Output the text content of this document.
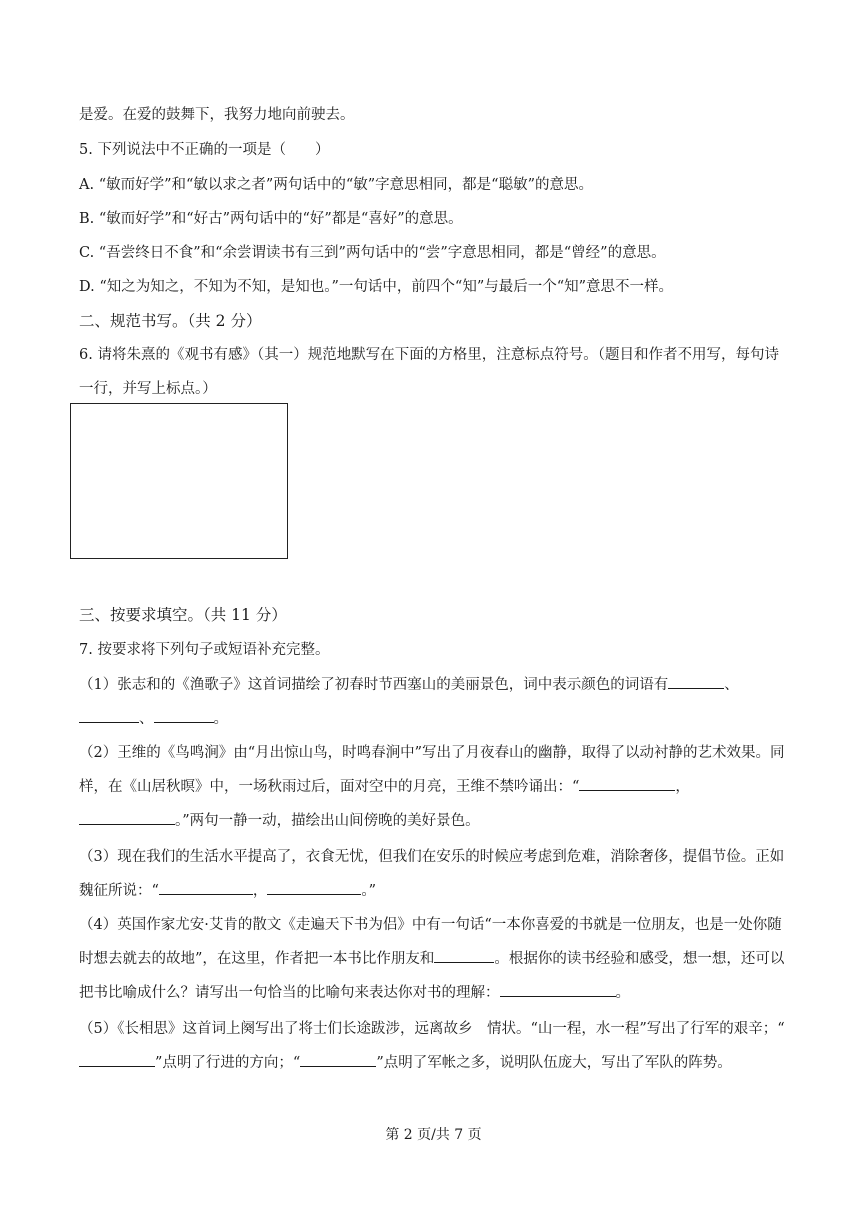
是爱。在爱的鼓舞下，我努力地向前驶去。
5. 下列说法中不正确的一项是（　　）
A. “敏而好学”和“敏以求之者”两句话中的“敏”字意思相同，都是“聪敏”的意思。
B. “敏而好学”和“好古”两句话中的“好”都是“喜好”的意思。
C. “吾尝终日不食”和“余尝谓读书有三到”两句话中的“尝”字意思相同，都是“曾经”的意思。
D. “知之为知之，不知为不知，是知也。”一句话中，前四个“知”与最后一个“知”意思不一样。
二、规范书写。（共 2 分）
6. 请将朱熹的《观书有感》（其一）规范地默写在下面的方格里，注意标点符号。（题目和作者不用写，每句诗一行，并写上标点。）
三、按要求填空。（共 11 分）
7. 按要求将下列句子或短语补充完整。
（1）张志和的《渔歌子》这首词描绘了初春时节西塞山的美丽景色，词中表示颜色的词语有	、
、	。
（2）王维的《鸟鸣涧》由“月出惊山鸟，时鸣春涧中”写出了月夜春山的幽静，取得了以动衬静的艺术效果。同样，在《山居秋暝》中，一场秋雨过后，面对空中的月亮，王维不禁吟诵出：“	，
。”两句一静一动，描绘出山间傍晚的美好景色。
（3）现在我们的生活水平提高了，衣食无忧，但我们在安乐的时候应考虑到危难，消除奢侈，提倡节俭。正如魏征所说：“	，	。”
（4）英国作家尤安·艾肯的散文《走遍天下书为侣》中有一句话“一本你喜爱的书就是一位朋友，也是一处你随时想去就去的故地”，在这里，作者把一本书比作朋友和	。根据你的读书经验和感受，想一想，还可以把书比喻成什么？请写出一句恰当的比喻句来表达你对书的理解：	。
（5）《长相思》这首词上阕写出了将士们长途跋涉，远离故乡　情状。“山一程，水一程”写出了行军的艰辛；“”点明了行进的方向；“	”点明了军帐之多，说明队伍庞大，写出了军队的阵势。
第 2 页/共 7 页
